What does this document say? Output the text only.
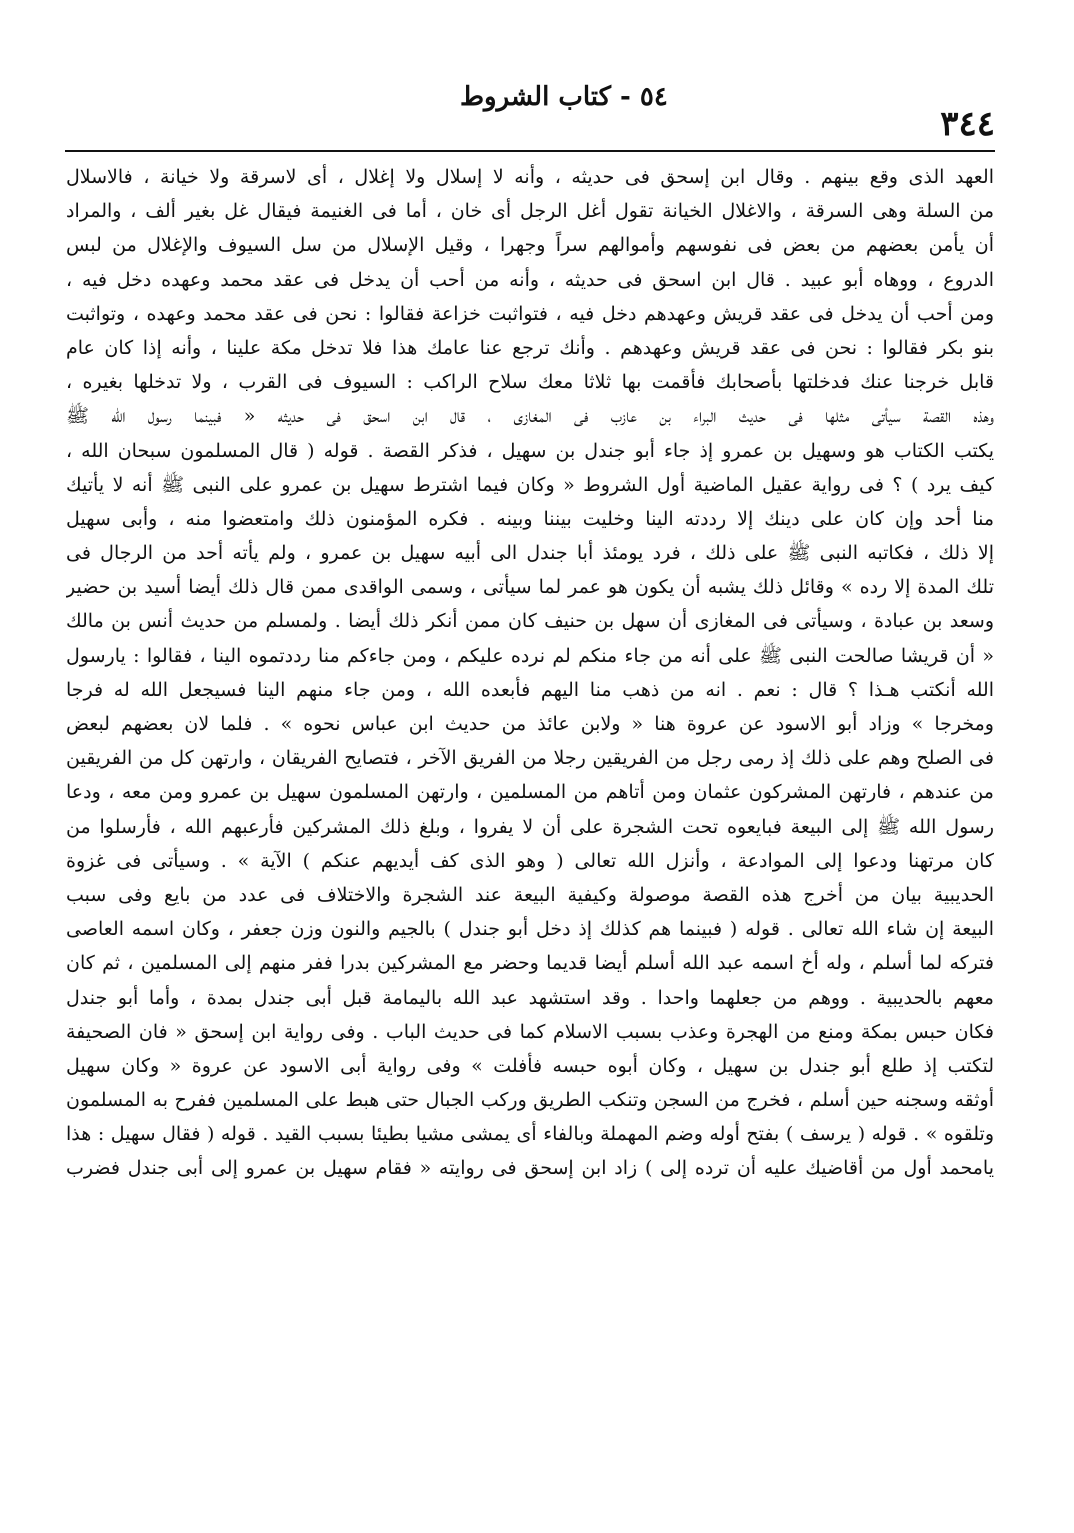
٣٤٤
٥٤ - كتاب الشروط
العهد الذى وقع بينهم . وقال ابن إسحق فى حديثه ، وأنه لا إسلال ولا إغلال ، أى لاسرقة ولا خيانة ، فالاسلال
من السلة وهى السرقة ، والاغلال الخيانة تقول أغل الرجل أى خان ، أما فى الغنيمة فيقال غل بغير ألف ، والمراد
أن يأمن بعضهم من بعض فى نفوسهم وأموالهم سراً وجهرا ، وقيل الإسلال من سل السيوف والإغلال من لبس
الدروع ، ووهاه أبو عبيد . قال ابن اسحق فى حديثه ، وأنه من أحب أن يدخل فى عقد محمد وعهده دخل فيه ،
ومن أحب أن يدخل فى عقد قريش وعهدهم دخل فيه ، فتواثبت خزاعة فقالوا : نحن فى عقد محمد وعهده ، وتواثبت
بنو بكر فقالوا : نحن فى عقد قريش وعهدهم . وأنك ترجع عنا عامك هذا فلا تدخل مكة علينا ، وأنه إذا كان عام
قابل خرجنا عنك فدخلتها بأصحابك فأقمت بها ثلاثا معك سلاح الراكب : السيوف فى القرب ، ولا تدخلها بغيره ،
وهذه القصة سيأتى مثلها فى حديث البراء بن عازب فى المغازى ، قال ابن اسحق فى حديثه « فبينما رسول الله ﷺ
يكتب الكتاب هو وسهيل بن عمرو إذ جاء أبو جندل بن سهيل ، فذكر القصة . قوله ( قال المسلمون سبحان الله ،
كيف يرد ) ؟ فى رواية عقيل الماضية أول الشروط « وكان فيما اشترط سهيل بن عمرو على النبى ﷺ أنه لا يأتيك
منا أحد وإن كان على دينك إلا رددته الينا وخليت بيننا وبينه . فكره المؤمنون ذلك وامتعضوا منه ، وأبى سهيل
إلا ذلك ، فكاتبه النبى ﷺ على ذلك ، فرد يومئذ أبا جندل الى أبيه سهيل بن عمرو ، ولم يأته أحد من الرجال فى
تلك المدة إلا رده » وقائل ذلك يشبه أن يكون هو عمر لما سيأتى ، وسمى الواقدى ممن قال ذلك أيضا أسيد بن حضير
وسعد بن عبادة ، وسيأتى فى المغازى أن سهل بن حنيف كان ممن أنكر ذلك أيضا . ولمسلم من حديث أنس بن مالك
« أن قريشا صالحت النبى ﷺ على أنه من جاء منكم لم نرده عليكم ، ومن جاءكم منا رددتموه الينا ، فقالوا : يارسول
الله أنكتب هـذا ؟ قال : نعم . انه من ذهب منا اليهم فأبعده الله ، ومن جاء منهم الينا فسيجعل الله له فرجا
ومخرجا » وزاد أبو الاسود عن عروة هنا « ولابن عائذ من حديث ابن عباس نحوه » . فلما لان بعضهم لبعض
فى الصلح وهم على ذلك إذ رمى رجل من الفريقين رجلا من الفريق الآخر ، فتصايح الفريقان ، وارتهن كل من الفريقين
من عندهم ، فارتهن المشركون عثمان ومن أتاهم من المسلمين ، وارتهن المسلمون سهيل بن عمرو ومن معه ، ودعا
رسول الله ﷺ إلى البيعة فبايعوه تحت الشجرة على أن لا يفروا ، وبلغ ذلك المشركين فأرعبهم الله ، فأرسلوا من
كان مرتهنا ودعوا إلى الموادعة ، وأنزل الله تعالى ( وهو الذى كف أيديهم عنكم ) الآية » . وسيأتى فى غزوة
الحديبية بيان من أخرج هذه القصة موصولة وكيفية البيعة عند الشجرة والاختلاف فى عدد من بايع وفى سبب
البيعة إن شاء الله تعالى . قوله ( فبينما هم كذلك إذ دخل أبو جندل ) بالجيم والنون وزن جعفر ، وكان اسمه العاصى
فتركه لما أسلم ، وله أخ اسمه عبد الله أسلم أيضا قديما وحضر مع المشركين بدرا ففر منهم إلى المسلمين ، ثم كان
معهم بالحديبية . ووهم من جعلهما واحدا . وقد استشهد عبد الله باليمامة قبل أبى جندل بمدة ، وأما أبو جندل
فكان حبس بمكة ومنع من الهجرة وعذب بسبب الاسلام كما فى حديث الباب . وفى رواية ابن إسحق « فان الصحيفة
لتكتب إذ طلع أبو جندل بن سهيل ، وكان أبوه حبسه فأفلت » وفى رواية أبى الاسود عن عروة « وكان سهيل
أوثقه وسجنه حين أسلم ، فخرج من السجن وتنكب الطريق وركب الجبال حتى هبط على المسلمين ففرح به المسلمون
وتلقوه » . قوله ( يرسف ) بفتح أوله وضم المهملة وبالفاء أى يمشى مشيا بطيئا بسبب القيد . قوله ( فقال سهيل : هذا
يامحمد أول من أقاضيك عليه أن ترده إلى ) زاد ابن إسحق فى روايته « فقام سهيل بن عمرو إلى أبى جندل فضرب
